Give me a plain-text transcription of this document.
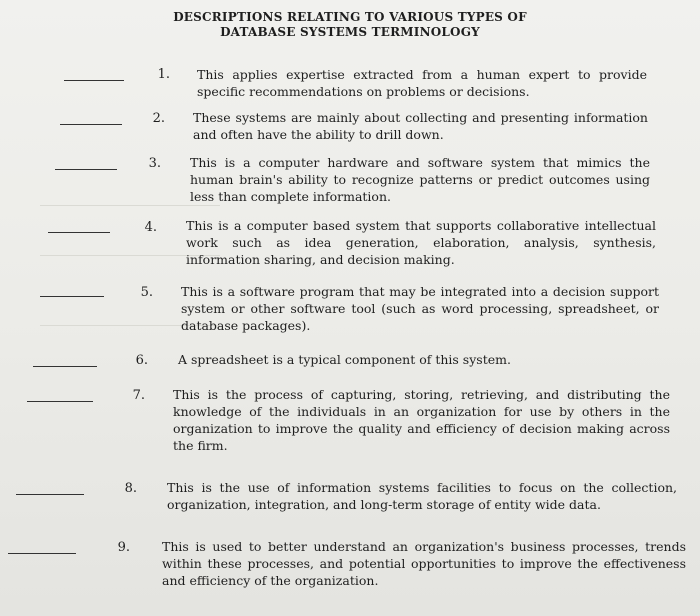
DESCRIPTIONS RELATING TO VARIOUS TYPES OF
DATABASE SYSTEMS TERMINOLOGY
1. This applies expertise extracted from a human expert to provide specific recommendations on problems or decisions.
2. These systems are mainly about collecting and presenting information and often have the ability to drill down.
3. This is a computer hardware and software system that mimics the human brain's ability to recognize patterns or predict outcomes using less than complete information.
4. This is a computer based system that supports collaborative intellectual work such as idea generation, elaboration, analysis, synthesis, information sharing, and decision making.
5. This is a software program that may be integrated into a decision support system or other software tool (such as word processing, spreadsheet, or database packages).
6. A spreadsheet is a typical component of this system.
7. This is the process of capturing, storing, retrieving, and distributing the knowledge of the individuals in an organization for use by others in the organization to improve the quality and efficiency of decision making across the firm.
8. This is the use of information systems facilities to focus on the collection, organization, integration, and long-term storage of entity wide data.
9.	This is used to better understand an organization's business processes, trends within these processes, and potential opportunities to improve the effectiveness and efficiency of the organization.
